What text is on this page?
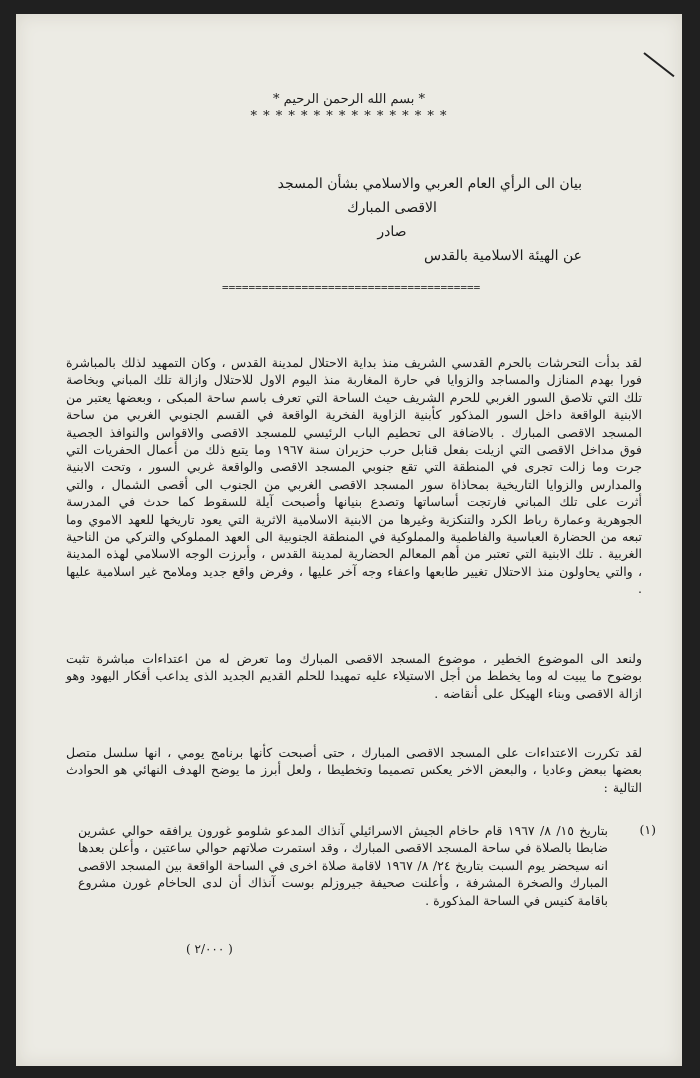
* بسم الله الرحمن الرحيم *
* * * * * * * * * * * * * * * *
بيان الى الرأي العام العربي والاسلامي بشأن المسجد
الاقصى المبارك
صادر
عن الهيئة الاسلامية بالقدس
=======================================
لقد بدأت التحرشات بالحرم القدسي الشريف منذ بداية الاحتلال لمدينة القدس ، وكان التمهيد لذلك بالمباشرة فورا بهدم المنازل والمساجد والزوايا في حارة المغاربة منذ اليوم الاول للاحتلال وازالة تلك المباني وبخاصة تلك التي تلاصق السور الغربي للحرم الشريف حيث الساحة التي تعرف باسم ساحة المبكى ، وبعضها يعتبر من الابنية الواقعة داخل السور المذكور كأبنية الزاوية الفخرية الواقعة في القسم الجنوبي الغربي من ساحة المسجد الاقصى المبارك . بالاضافة الى تحطيم الباب الرئيسي للمسجد الاقصى والاقواس والنوافذ الجصية فوق مداخل الاقصى التي ازيلت بفعل قنابل حرب حزيران سنة ١٩٦٧ وما يتبع ذلك من أعمال الحفريات التي جرت وما زالت تجرى في المنطقة التي تقع جنوبي المسجد الاقصى والواقعة غربي السور ، وتحت الابنية والمدارس والزوايا التاريخية بمحاذاة سور المسجد الاقصى الغربي من الجنوب الى أقصى الشمال ، والتي أثرت على تلك المباني فارتجت أساساتها وتصدع بنيانها وأصبحت آيلة للسقوط كما حدث في المدرسة الجوهرية وعمارة رباط الكرد والتنكزية وغيرها من الابنية الاسلامية الاثرية التي يعود تاريخها للعهد الاموي وما تبعه من الحضارة العباسية والفاطمية والمملوكية في المنطقة الجنوبية الى العهد المملوكي والتركي من الناحية الغربية . تلك الابنية التي تعتبر من أهم المعالم الحضارية لمدينة القدس ، وأبرزت الوجه الاسلامي لهذه المدينة ، والتي يحاولون منذ الاحتلال تغيير طابعها واعفاء وجه آخر عليها ، وفرض واقع جديد وملامح غير اسلامية عليها .
ولنعد الى الموضوع الخطير ، موضوع المسجد الاقصى المبارك وما تعرض له من اعتداءات مباشرة تثبت بوضوح ما يبيت له وما يخطط من أجل الاستيلاء عليه تمهيدا للحلم القديم الجديد الذى يداعب أفكار اليهود وهو ازالة الاقصى وبناء الهيكل على أنقاضه .
لقد تكررت الاعتداءات على المسجد الاقصى المبارك ، حتى أصبحت كأنها برنامج يومي ، انها سلسل متصل بعضها ببعض وعاديا ، والبعض الاخر يعكس تصميما وتخطيطا ، ولعل أبرز ما يوضح الهدف النهائي هو الحوادث التالية :
(١)
بتاريخ ١٥/ ٨/ ١٩٦٧ قام حاخام الجيش الاسرائيلي آنذاك المدعو شلومو غورون يرافقه حوالي عشرين ضابطا بالصلاة في ساحة المسجد الاقصى المبارك ، وقد استمرت صلاتهم حوالي ساعتين ، وأعلن بعدها انه سيحضر يوم السبت بتاريخ ٢٤/ ٨/ ١٩٦٧ لاقامة صلاة اخرى في الساحة الواقعة بين المسجد الاقصى المبارك والصخرة المشرفة ، وأعلنت صحيفة جيروزلم بوست آنذاك أن لدى الحاخام غورن مشروع باقامة كنيس في الساحة المذكورة .
( ٢/٠٠٠ )
